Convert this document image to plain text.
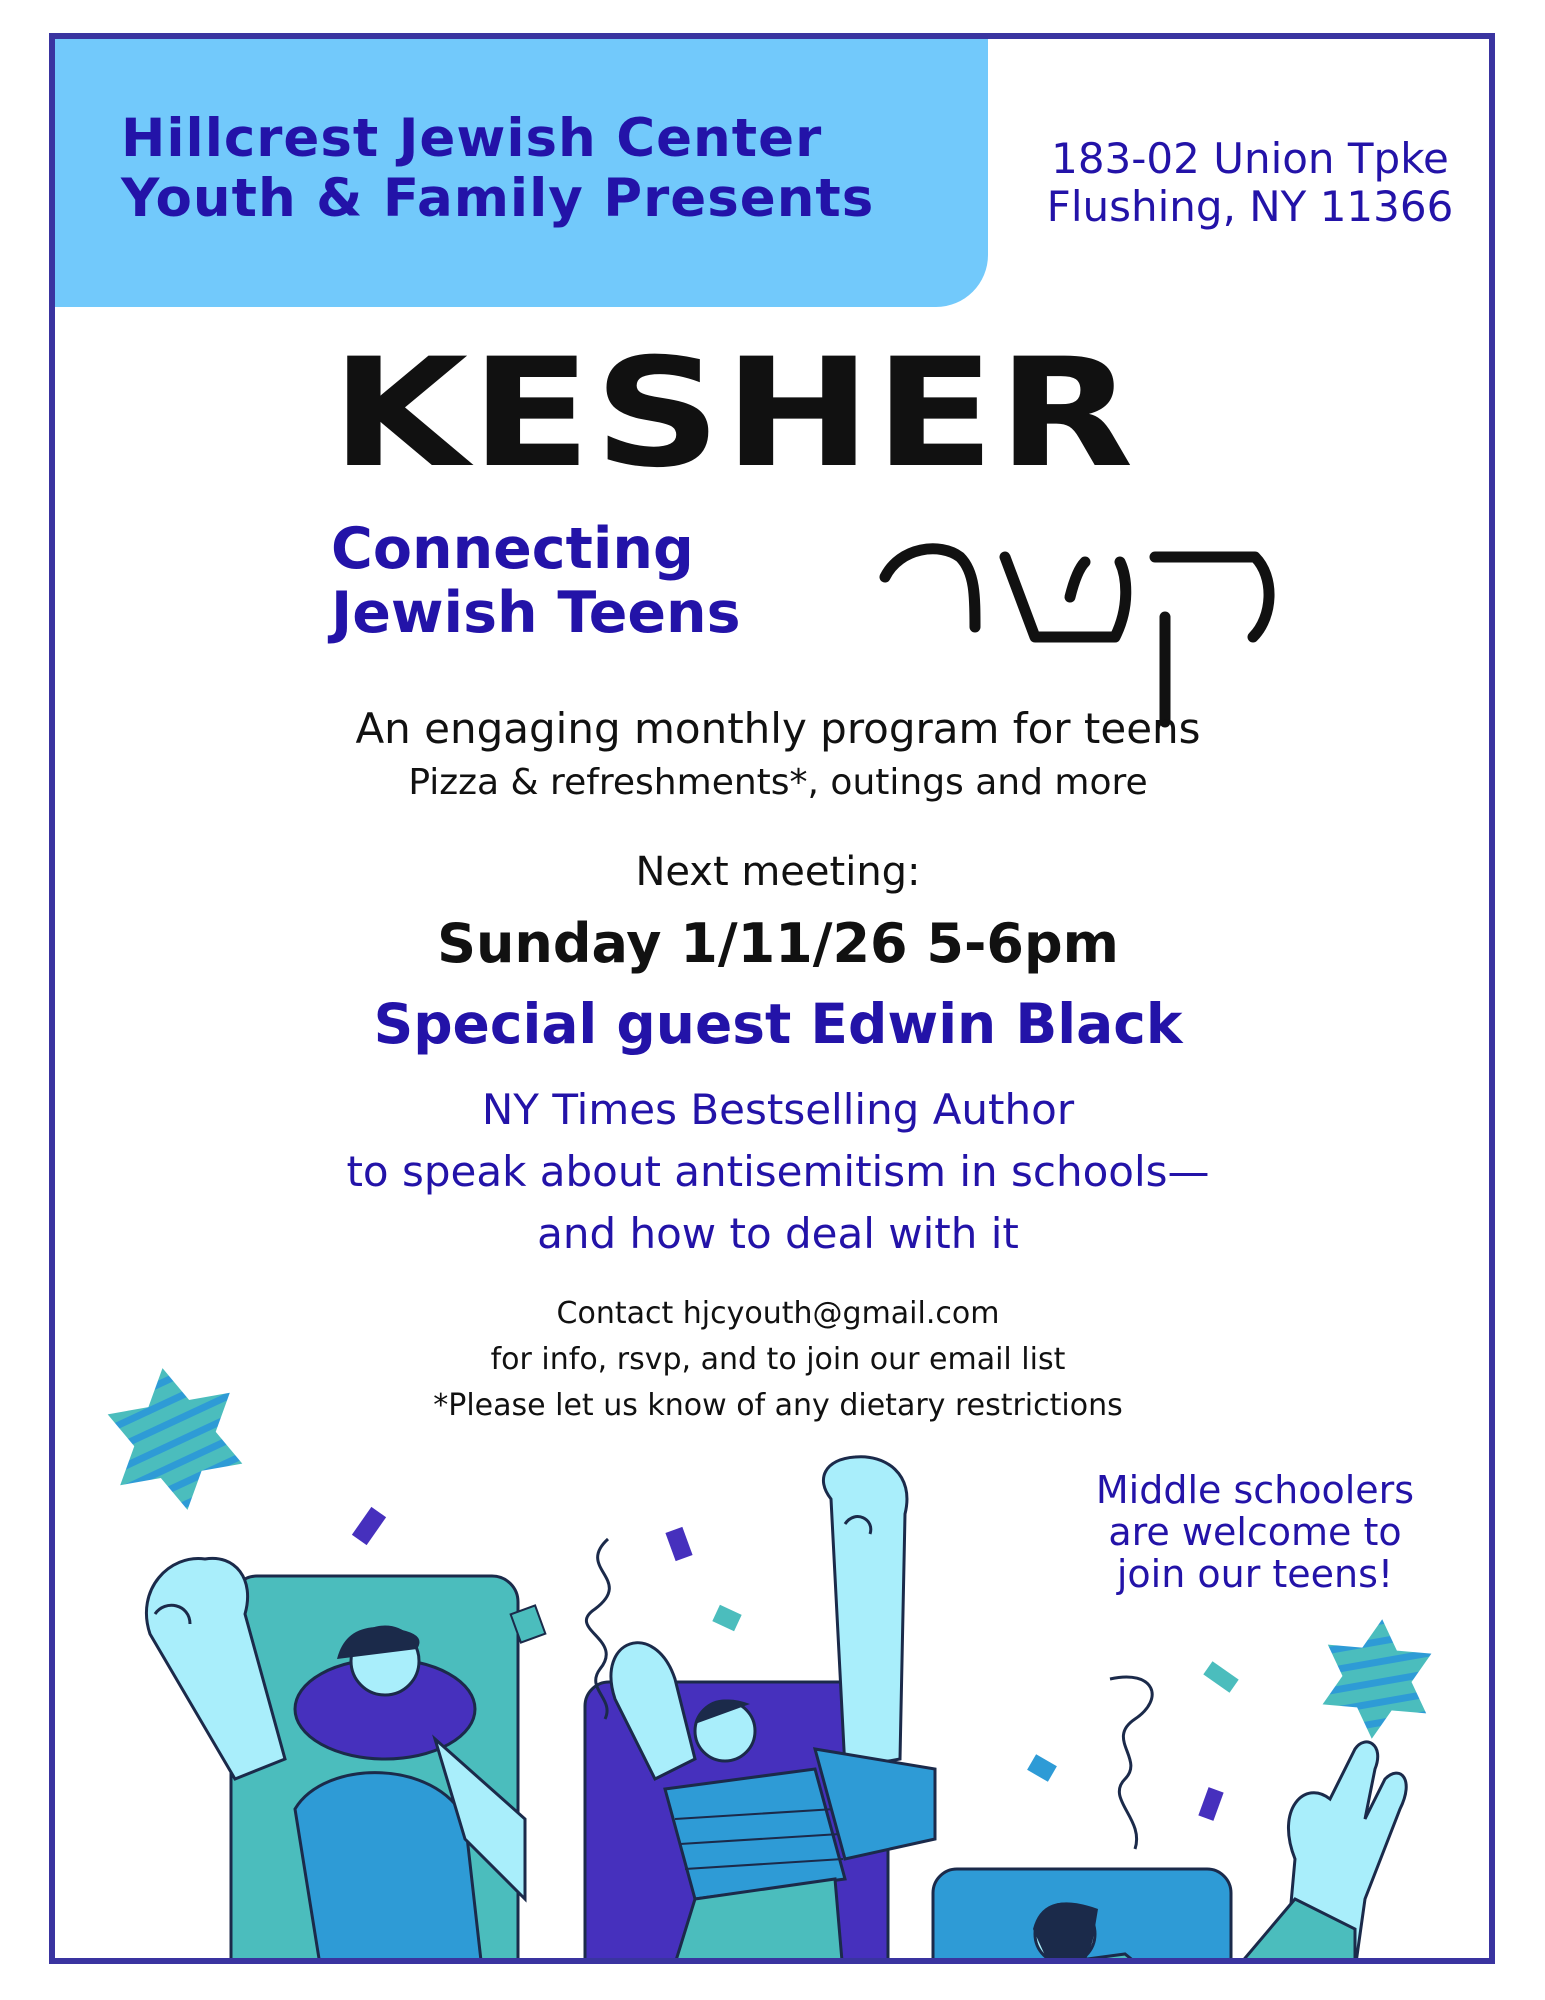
Hillcrest Jewish Center
Youth & Family Presents
183-02 Union Tpke
Flushing, NY 11366
KESHER
Connecting
Jewish Teens
An engaging monthly program for teens
Pizza & refreshments*, outings and more
Next meeting:
Sunday 1/11/26 5-6pm
Special guest Edwin Black
NY Times Bestselling Author
to speak about antisemitism in schools—
and how to deal with it
Contact hjcyouth@gmail.com
for info, rsvp, and to join our email list
*Please let us know of any dietary restrictions
Middle schoolers
are welcome to
join our teens!
